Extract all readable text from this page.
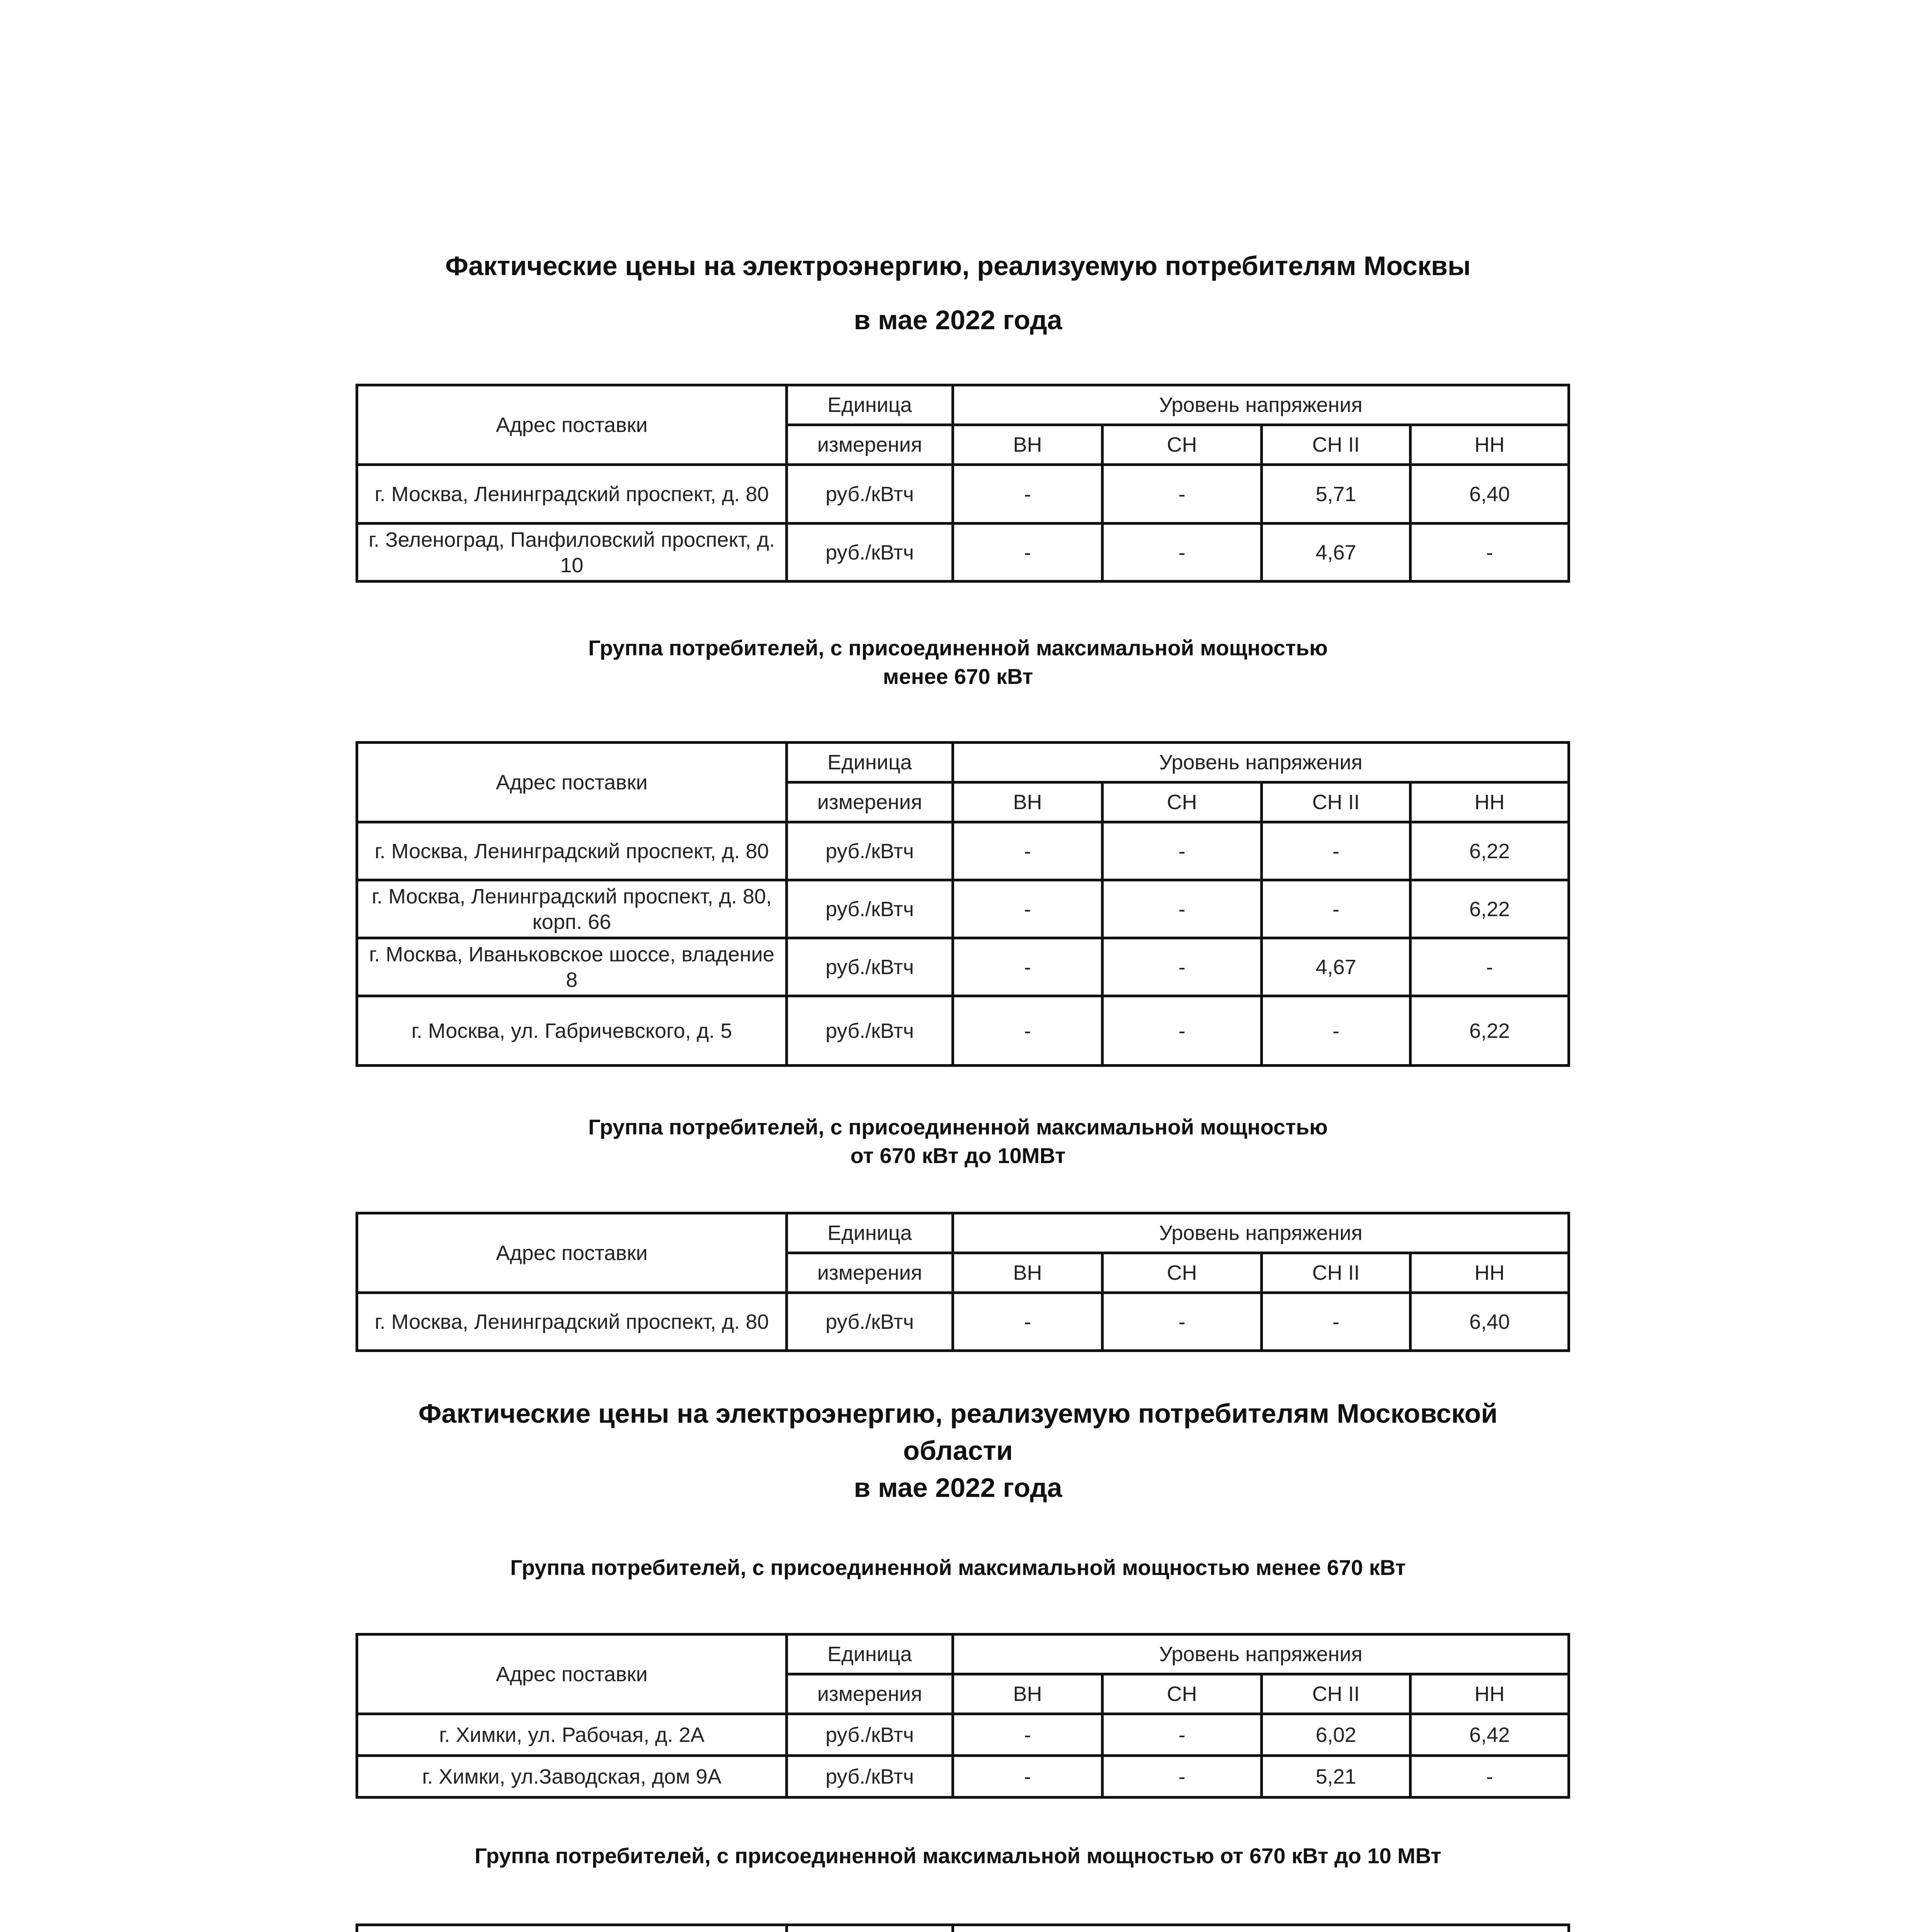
Фактические цены на электроэнергию, реализуемую потребителям Москвы
в мае 2022 года
Адрес поставки	Единица	Уровень напряжения			
	измерения	ВН	СН	СН II	НН
г. Москва, Ленинградский проспект, д. 80	руб./кВтч	-	-	5,71	6,40
г. Зеленоград, Панфиловский проспект, д. 10	руб./кВтч	-	-	4,67	-
Группа потребителей, с присоединенной максимальной мощностью
менее 670 кВт
Адрес поставки	Единица	Уровень напряжения			
	измерения	ВН	СН	СН II	НН
г. Москва, Ленинградский проспект, д. 80	руб./кВтч	-	-	-	6,22
г. Москва, Ленинградский проспект, д. 80, корп. 66	руб./кВтч	-	-	-	6,22
г. Москва, Иваньковское шоссе, владение 8	руб./кВтч	-	-	4,67	-
г. Москва, ул. Габричевского, д. 5	руб./кВтч	-	-	-	6,22
Группа потребителей, с присоединенной максимальной мощностью
от 670 кВт до 10МВт
Адрес поставки	Единица	Уровень напряжения			
	измерения	ВН	СН	СН II	НН
г. Москва, Ленинградский проспект, д. 80	руб./кВтч	-	-	-	6,40
Фактические цены на электроэнергию, реализуемую потребителям Московской
области
в мае 2022 года
Группа потребителей, с присоединенной максимальной мощностью менее 670 кВт
Адрес поставки	Единица	Уровень напряжения			
	измерения	ВН	СН	СН II	НН
г. Химки, ул. Рабочая, д. 2А	руб./кВтч	-	-	6,02	6,42
г. Химки, ул.Заводская, дом 9А	руб./кВтч	-	-	5,21	-
Группа потребителей, с присоединенной максимальной мощностью от 670 кВт до 10 МВт
